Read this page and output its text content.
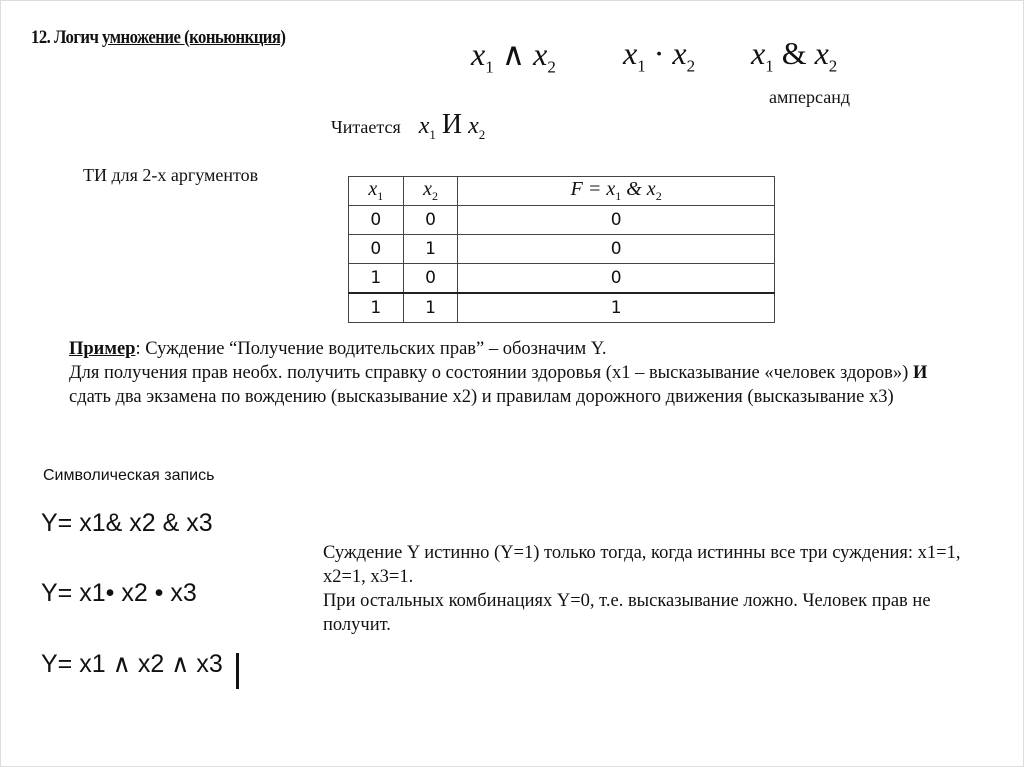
12. Логич умножение (коньюнкция)	$x_1$ ∧ $x_2$ $x_1 \cdot x_2$ $x_1$ & $x_2$
амперсанд
Читается $x_1$ И $x_2$
ТИ для 2-х аргументов
$x_1$	$x_2$	$F = x_1$ & $x_2$
0	0	0
0	1	0
1	0	0
1	1	1
Пример: Суждение “Получение водительских прав” – обозначим Y.
Для получения прав необх. получить справку о состоянии здоровья (x1 – высказывание «человек здоров») И сдать два экзамена по вождению (высказывание x2) и правилам дорожного движения (высказывание x3)
Символическая запись
Y= x1& x2 & x3
Y= x1• x2 • x3
Y= x1 ∧ x2 ∧ x3
Суждение Y истинно (Y=1) только тогда, когда истинны все три суждения: x1=1, x2=1, x3=1.
При остальных комбинациях Y=0, т.е. высказывание ложно. Человек прав не получит.
